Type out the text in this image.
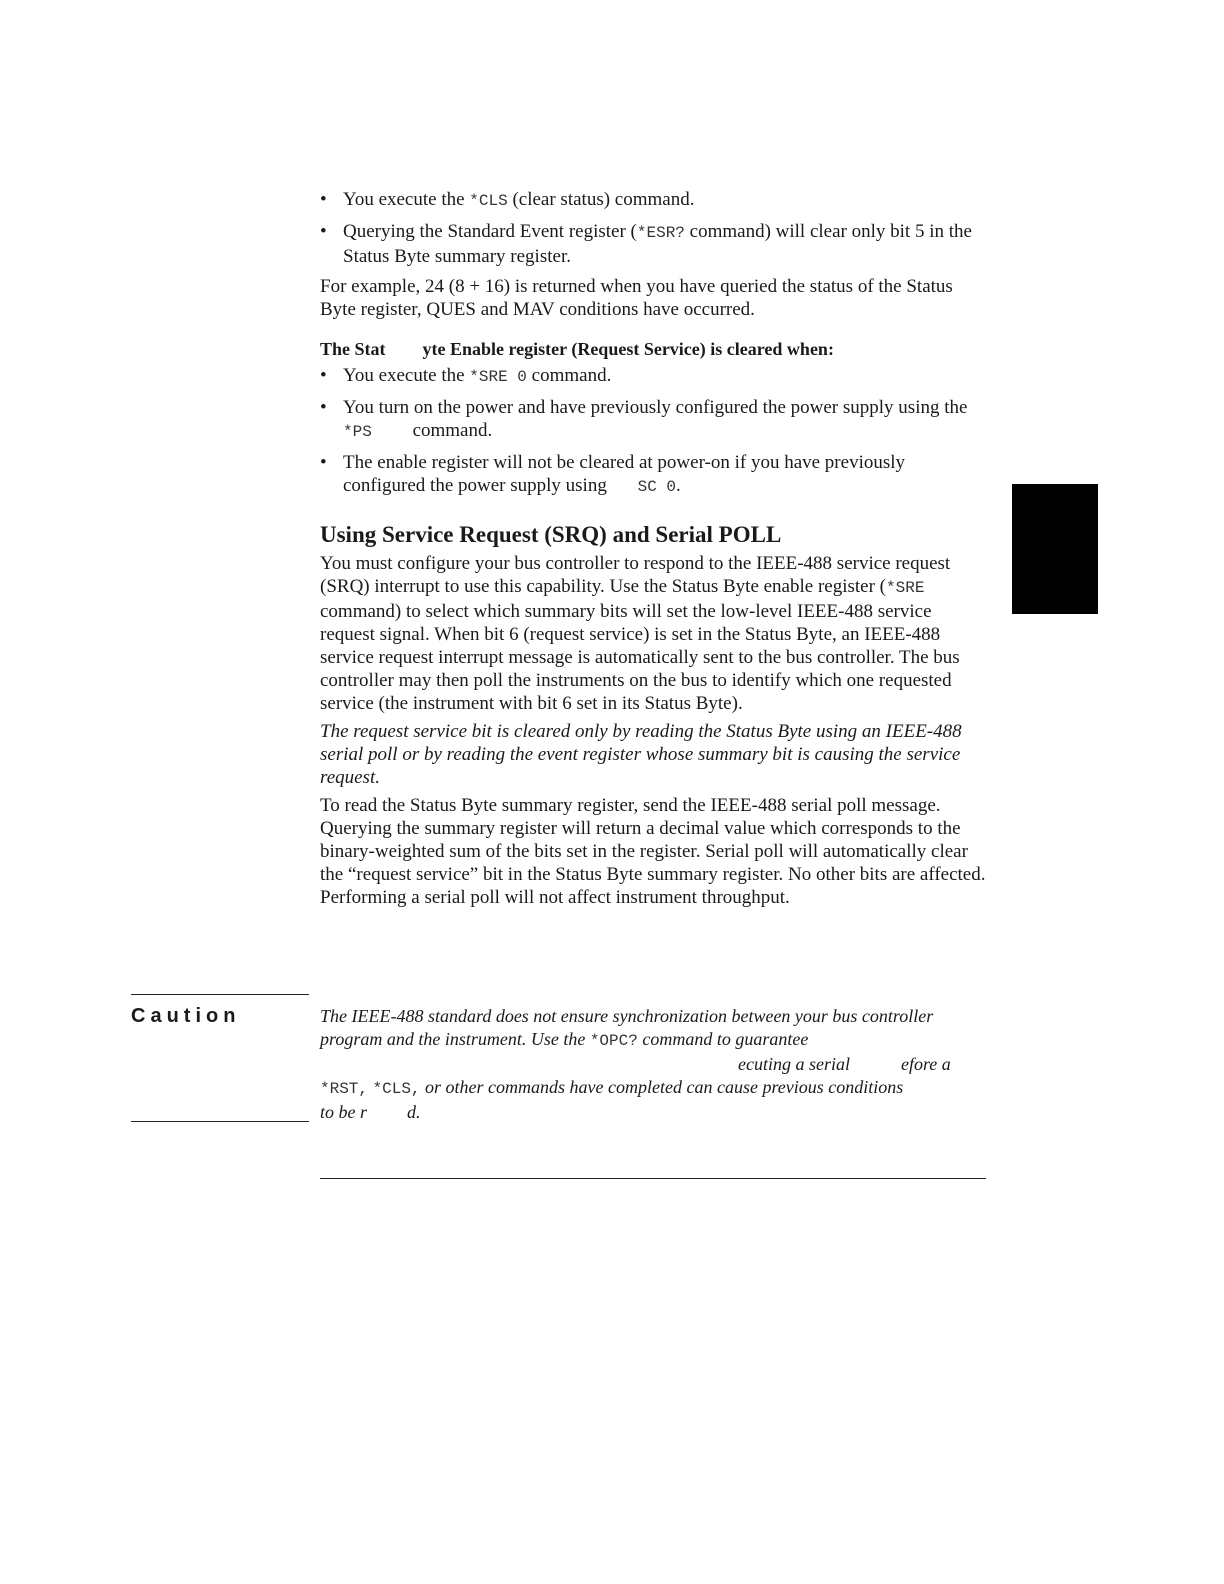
• You execute the *CLS (clear status) command.
• Querying the Standard Event register (*ESR? command) will clear only bit 5 in the Status Byte summary register.

For example, 24 (8 + 16) is returned when you have queried the status of the Status Byte register, QUES and MAV conditions have occurred.

The Stat yte Enable register (Request Service) is cleared when:
• You execute the *SRE 0 command.
• You turn on the power and have previously configured the power supply using the *PS command.
• The enable register will not be cleared at power-on if you have previously configured the power supply using SC 0.
Using Service Request (SRQ) and Serial POLL

You must configure your bus controller to respond to the IEEE-488 service request (SRQ) interrupt to use this capability. Use the Status Byte enable register (*SRE command) to select which summary bits will set the low-level IEEE-488 service request signal. When bit 6 (request service) is set in the Status Byte, an IEEE-488 service request interrupt message is automatically sent to the bus controller. The bus controller may then poll the instruments on the bus to identify which one requested service (the instrument with bit 6 set in its Status Byte).

The request service bit is cleared only by reading the Status Byte using an IEEE-488 serial poll or by reading the event register whose summary bit is causing the service request.

To read the Status Byte summary register, send the IEEE-488 serial poll message. Querying the summary register will return a decimal value which corresponds to the binary-weighted sum of the bits set in the register. Serial poll will automatically clear the “request service” bit in the Status Byte summary register. No other bits are affected. Performing a serial poll will not affect instrument throughput.

Caution	The IEEE-488 standard does not ensure synchronization between your bus controller
program and the instrument. Use the *OPC? command to guarantee
ecuting a serial	efore a
*RST, *CLS, or other commands have completed can cause previous conditions
to be r d.
